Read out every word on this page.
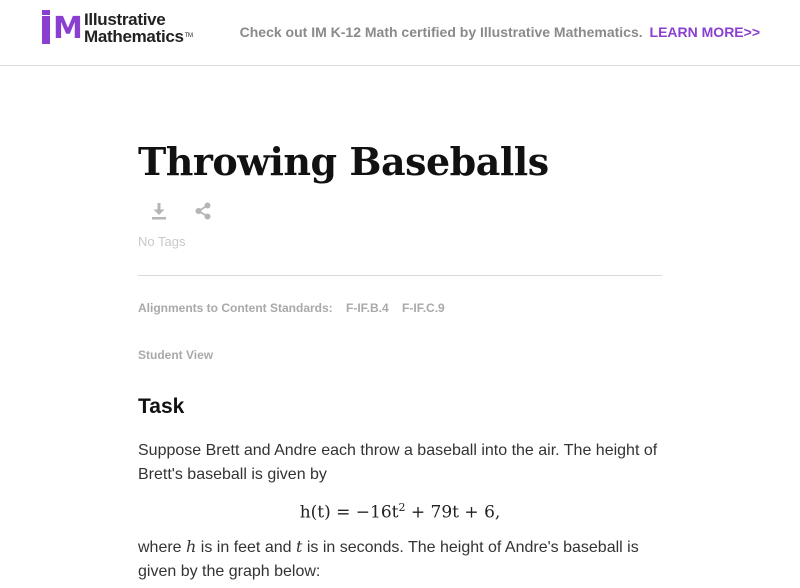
M Illustrative
Mathematics™	Check out IM K-12 Math certified by Illustrative Mathematics. LEARN MORE>>
Throwing Baseballs
No Tags
Alignments to Content Standards: F-IF.B.4 F-IF.C.9
Student View
Task

Suppose Brett and Andre each throw a baseball into the air. The height of Brett's baseball is given by

$h(t) = -16t^2 + 79t + 6$,

where h is in feet and t is in seconds. The height of Andre's baseball is given by the graph below:
